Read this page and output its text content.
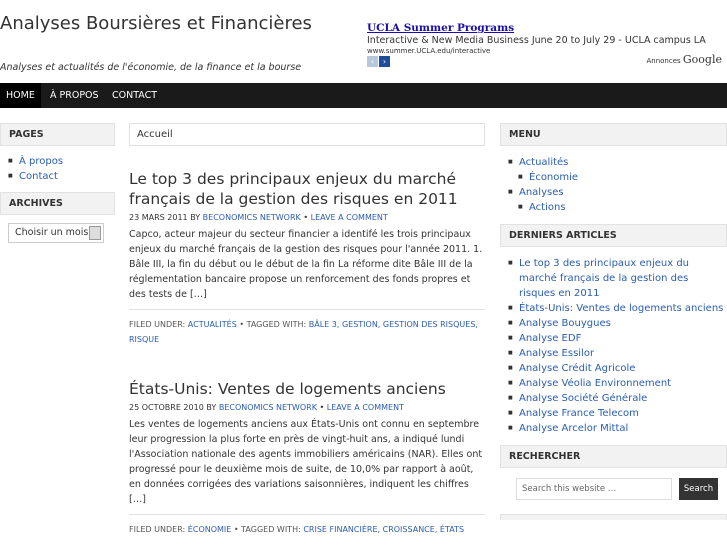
Analyses Boursières et Financières
Analyses et actualités de l'économie, de la finance et la bourse
UCLA Summer Programs
Interactive & New Media Business June 20 to July 29 - UCLA campus LA
www.summer.UCLA.edu/interactive
‹ ›	Annonces Google
HOME	À PROPOS	CONTACT
PAGES
■ À propos
■ Contact
ARCHIVES
Choisir un mois
Accueil
Le top 3 des principaux enjeux du marché français de la gestion des risques en 2011
23 MARS 2011 BY BECONOMICS NETWORK • LEAVE A COMMENT
Capco, acteur majeur du secteur financier a identifé les trois principaux enjeux du marché français de la gestion des risques pour l'année 2011. 1. Bâle III, la fin du début ou le début de la fin La réforme dite Bâle III de la réglementation bancaire propose un renforcement des fonds propres et des tests de […]
FILED UNDER: ACTUALITÉS • TAGGED WITH: BÂLE 3, GESTION, GESTION DES RISQUES, RISQUE
États-Unis: Ventes de logements anciens
25 OCTOBRE 2010 BY BECONOMICS NETWORK • LEAVE A COMMENT
Les ventes de logements anciens aux États-Unis ont connu en septembre leur progression la plus forte en près de vingt-huit ans, a indiqué lundi l'Association nationale des agents immobiliers américains (NAR). Elles ont progressé pour le deuxième mois de suite, de 10,0% par rapport à août, en données corrigées des variations saisonnières, indiquent les chiffres […]
FILED UNDER: ÉCONOMIE • TAGGED WITH: CRISE FINANCIÈRE, CROISSANCE, ÉTATS
MENU
■ Actualités
■ Économie
■ Analyses
■ Actions
DERNIERS ARTICLES
■ Le top 3 des principaux enjeux du marché français de la gestion des risques en 2011
■ États-Unis: Ventes de logements anciens
■ Analyse Bouygues
■ Analyse EDF
■ Analyse Essilor
■ Analyse Crédit Agricole
■ Analyse Véolia Environnement
■ Analyse Société Générale
■ Analyse France Telecom
■ Analyse Arcelor Mittal
RECHERCHER
Search this website …	Search
